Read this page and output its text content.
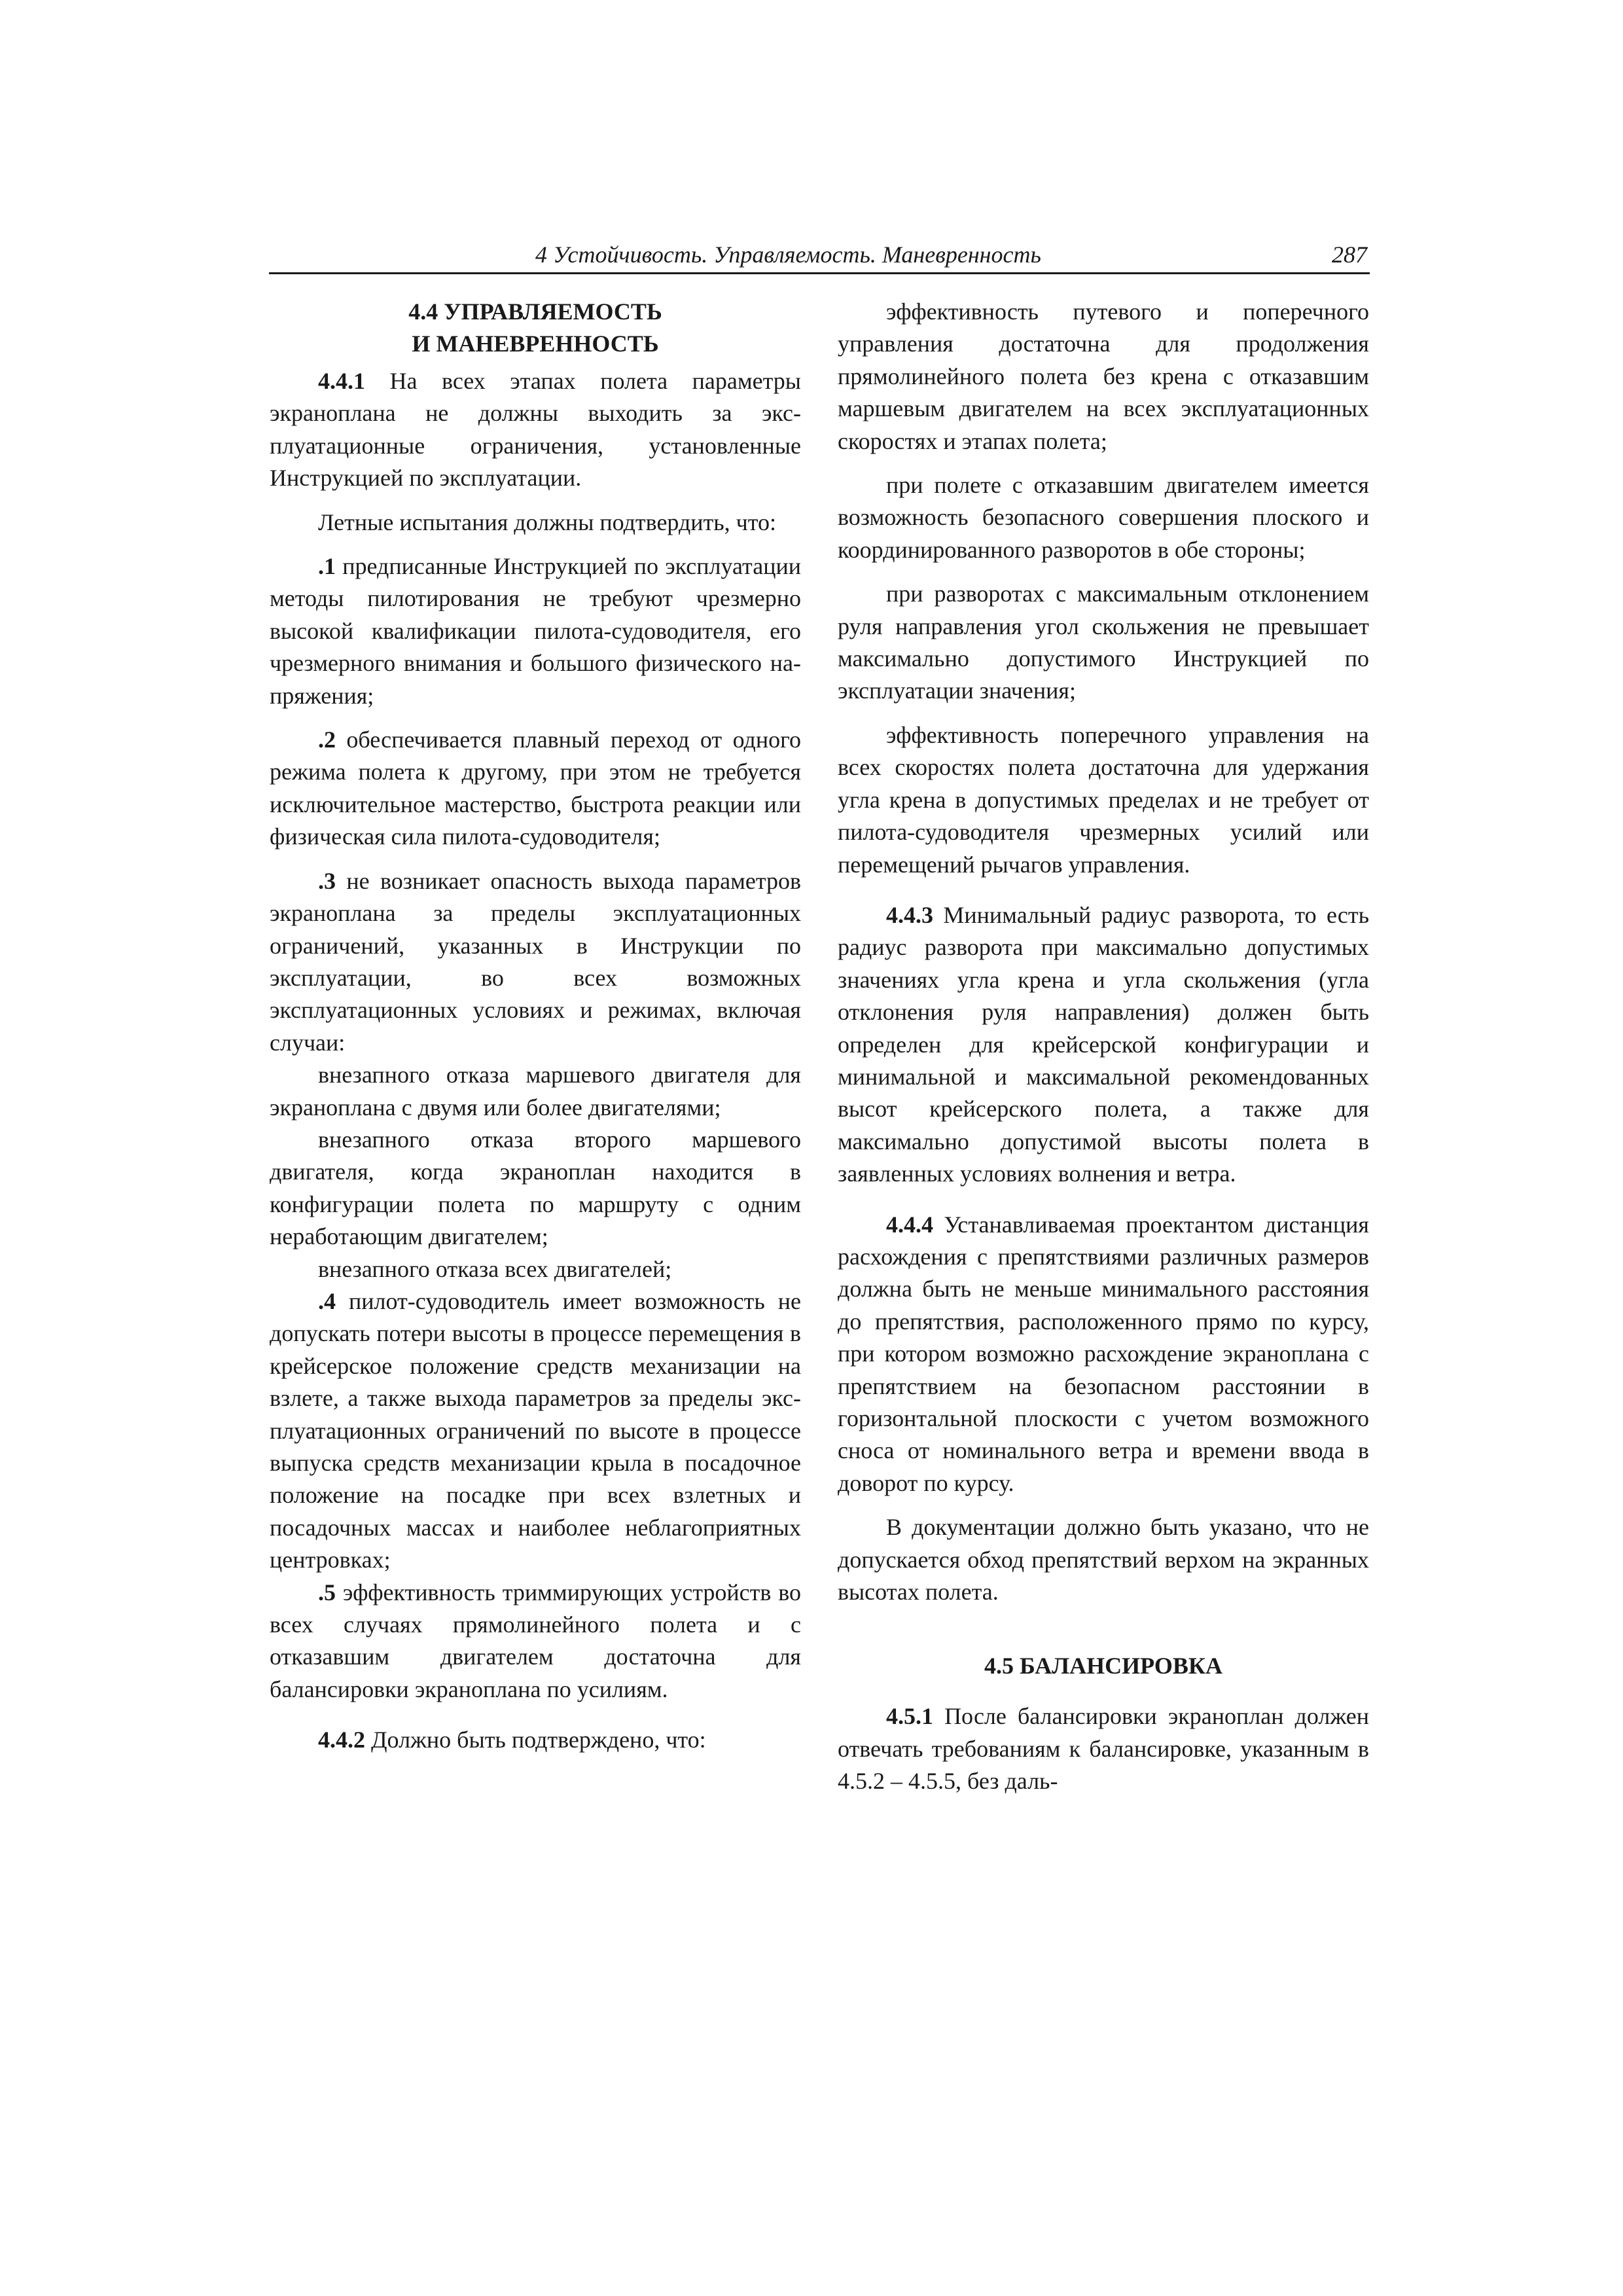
4 Устойчивость. Управляемость. Маневренность	287
4.4 УПРАВЛЯЕМОСТЬ
И МАНЕВРЕННОСТЬ

4.4.1 На всех этапах полета параметры экраноплана не должны выходить за эксплуатационные ограничения, установленные Инструкцией по эксплуатации.

Летные испытания должны подтвердить, что:

.1 предписанные Инструкцией по эксплуатации методы пилотирования не требуют чрезмерно высокой квалификации пилота-судоводителя, его чрезмерного внимания и большого физического напряжения;

.2 обеспечивается плавный переход от одного режима полета к другому, при этом не требуется исключительное мастерство, быстрота реакции или физическая сила пилота-судоводителя;

.3 не возникает опасность выхода параметров экраноплана за пределы эксплуатационных ограничений, указанных в Инструкции по эксплуатации, во всех возможных эксплуатационных условиях и режимах, включая случаи:

внезапного отказа маршевого двигателя для экраноплана с двумя или более двигателями;

внезапного отказа второго маршевого двигателя, когда экраноплан находится в конфигурации полета по маршруту с одним неработающим двигателем;

внезапного отказа всех двигателей;

.4 пилот-судоводитель имеет возможность не допускать потери высоты в процессе перемещения в крейсерское положение средств механизации на взлете, а также выхода параметров за пределы эксплуатационных ограничений по высоте в процессе выпуска средств механизации крыла в посадочное положение на посадке при всех взлетных и посадочных массах и наиболее неблагоприятных центровках;

.5 эффективность триммирующих устройств во всех случаях прямолинейного полета и с отказавшим двигателем достаточна для балансировки экраноплана по усилиям.

4.4.2 Должно быть подтверждено, что:

эффективность путевого и поперечного управления достаточна для продолжения прямолинейного полета без крена с отказавшим маршевым двигателем на всех эксплуатационных скоростях и этапах полета;

при полете с отказавшим двигателем имеется возможность безопасного совершения плоского и координированного разворотов в обе стороны;

при разворотах с максимальным отклонением руля направления угол скольжения не превышает максимально допустимого Инструкцией по эксплуатации значения;

эффективность поперечного управления на всех скоростях полета достаточна для удержания угла крена в допустимых пределах и не требует от пилота-судоводителя чрезмерных усилий или перемещений рычагов управления.

4.4.3 Минимальный радиус разворота, то есть радиус разворота при максимально допустимых значениях угла крена и угла скольжения (угла отклонения руля направления) должен быть определен для крейсерской конфигурации и минимальной и максимальной рекомендованных высот крейсерского полета, а также для максимально допустимой высоты полета в заявленных условиях волнения и ветра.

4.4.4 Устанавливаемая проектантом дистанция расхождения с препятствиями различных размеров должна быть не меньше минимального расстояния до препятствия, расположенного прямо по курсу, при котором возможно расхождение экраноплана с препятствием на безопасном расстоянии в горизонтальной плоскости с учетом возможного сноса от номинального ветра и времени ввода в доворот по курсу.

В документации должно быть указано, что не допускается обход препятствий верхом на экранных высотах полета.

4.5 БАЛАНСИРОВКА

4.5.1 После балансировки экраноплан должен отвечать требованиям к балансировке, указанным в 4.5.2 – 4.5.5, без даль-
